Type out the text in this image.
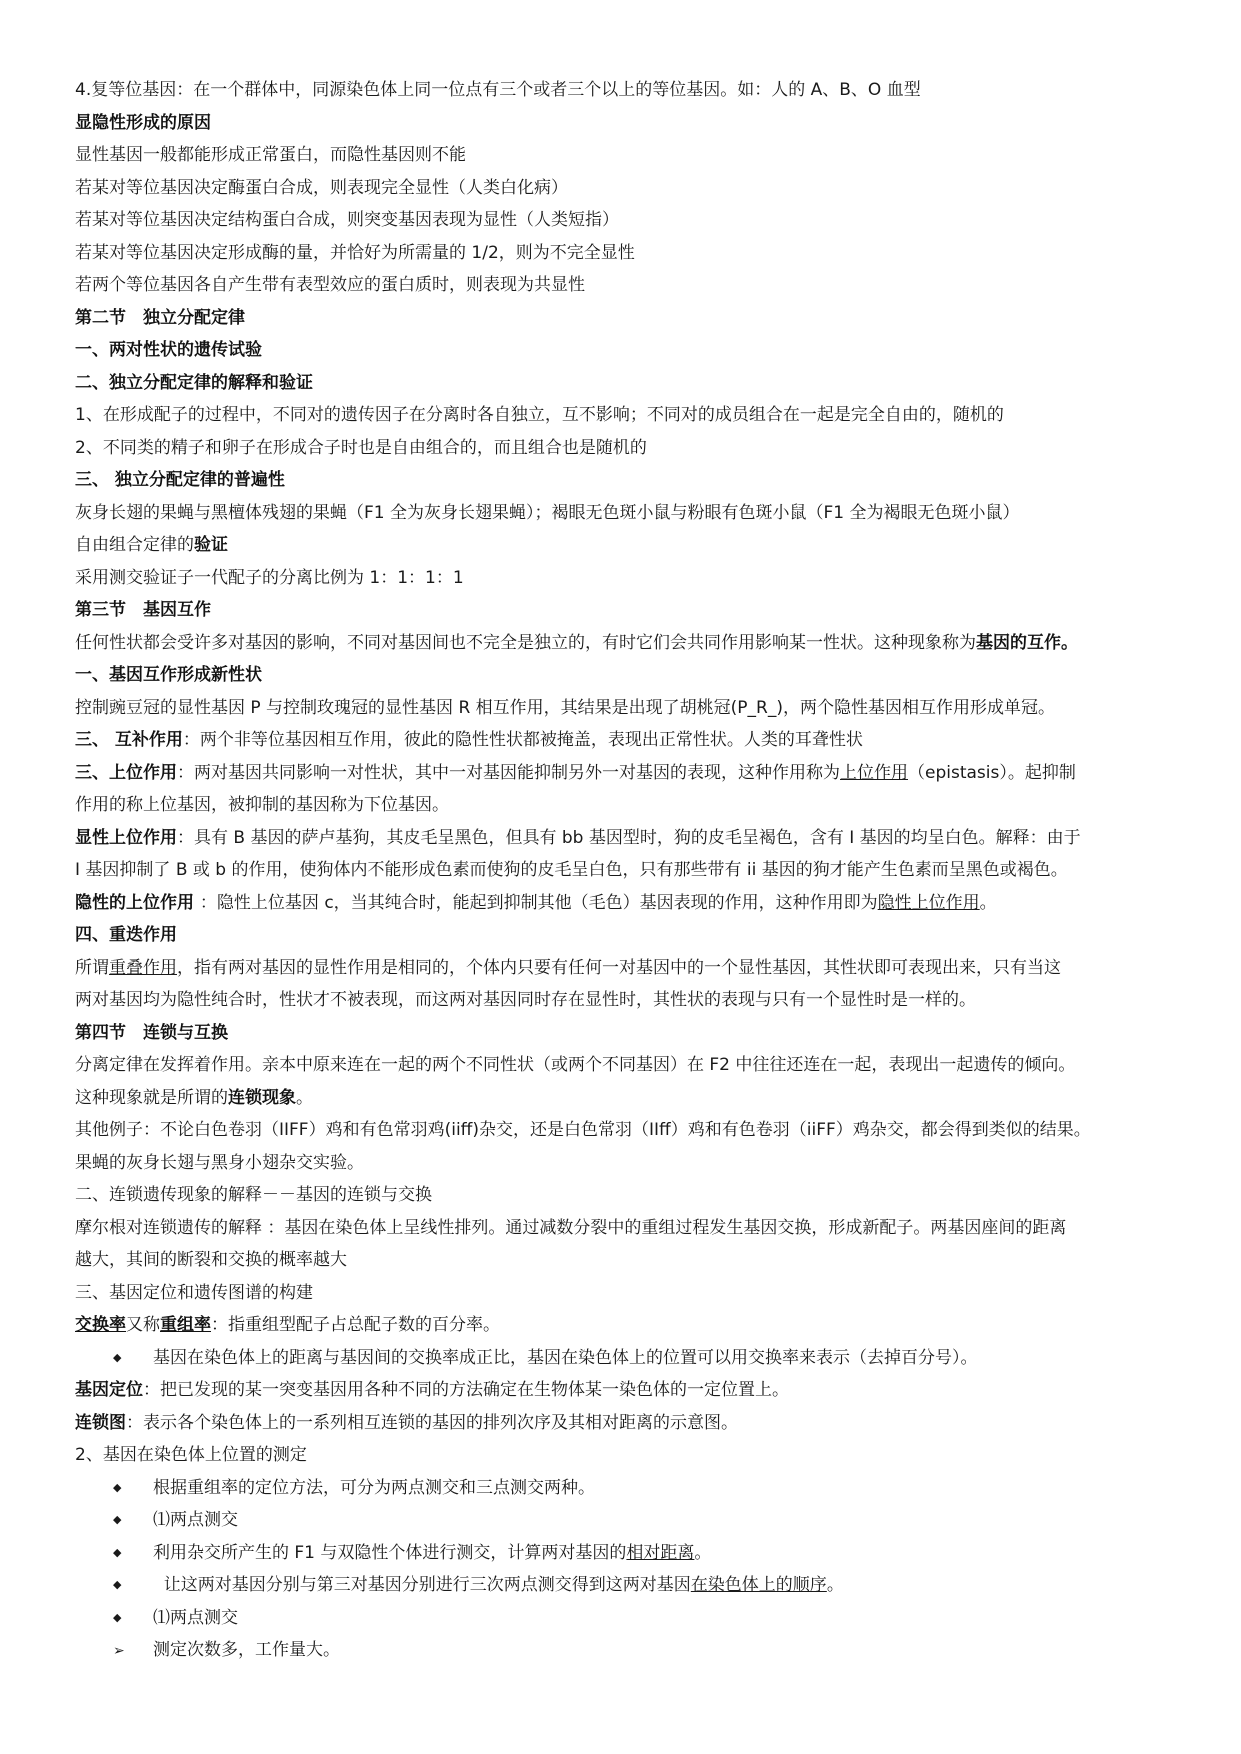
4.复等位基因：在一个群体中，同源染色体上同一位点有三个或者三个以上的等位基因。如：人的 A、B、O 血型
显隐性形成的原因
显性基因一般都能形成正常蛋白，而隐性基因则不能
若某对等位基因决定酶蛋白合成，则表现完全显性（人类白化病）
若某对等位基因决定结构蛋白合成，则突变基因表现为显性（人类短指）
若某对等位基因决定形成酶的量，并恰好为所需量的 1/2，则为不完全显性
若两个等位基因各自产生带有表型效应的蛋白质时，则表现为共显性
第二节　独立分配定律
一、两对性状的遗传试验
二、独立分配定律的解释和验证
1、在形成配子的过程中，不同对的遗传因子在分离时各自独立，互不影响；不同对的成员组合在一起是完全自由的，随机的
2、不同类的精子和卵子在形成合子时也是自由组合的，而且组合也是随机的
三、 独立分配定律的普遍性
灰身长翅的果蝇与黑檀体残翅的果蝇（F1 全为灰身长翅果蝇）；褐眼无色斑小鼠与粉眼有色斑小鼠（F1 全为褐眼无色斑小鼠）
自由组合定律的验证
采用测交验证子一代配子的分离比例为 1：1：1：1
第三节　基因互作
任何性状都会受许多对基因的影响，不同对基因间也不完全是独立的，有时它们会共同作用影响某一性状。这种现象称为基因的互作。
一、基因互作形成新性状
控制豌豆冠的显性基因 P 与控制玫瑰冠的显性基因 R 相互作用，其结果是出现了胡桃冠(P_R_)，两个隐性基因相互作用形成单冠。
三、 互补作用：两个非等位基因相互作用，彼此的隐性性状都被掩盖，表现出正常性状。人类的耳聋性状
三、上位作用：两对基因共同影响一对性状，其中一对基因能抑制另外一对基因的表现，这种作用称为上位作用（epistasis）。起抑制
作用的称上位基因，被抑制的基因称为下位基因。
显性上位作用：具有 B 基因的萨卢基狗，其皮毛呈黑色，但具有 bb 基因型时，狗的皮毛呈褐色，含有 I 基因的均呈白色。解释：由于
I 基因抑制了 B 或 b 的作用，使狗体内不能形成色素而使狗的皮毛呈白色，只有那些带有 ii 基因的狗才能产生色素而呈黑色或褐色。
隐性的上位作用 ：隐性上位基因 c，当其纯合时，能起到抑制其他（毛色）基因表现的作用，这种作用即为隐性上位作用。
四、重迭作用
所谓重叠作用，指有两对基因的显性作用是相同的，个体内只要有任何一对基因中的一个显性基因，其性状即可表现出来，只有当这
两对基因均为隐性纯合时，性状才不被表现，而这两对基因同时存在显性时，其性状的表现与只有一个显性时是一样的。
第四节　连锁与互换
分离定律在发挥着作用。亲本中原来连在一起的两个不同性状（或两个不同基因）在 F2 中往往还连在一起，表现出一起遗传的倾向。
这种现象就是所谓的连锁现象。
其他例子：不论白色卷羽（IIFF）鸡和有色常羽鸡(iiff)杂交，还是白色常羽（IIff）鸡和有色卷羽（iiFF）鸡杂交，都会得到类似的结果。
果蝇的灰身长翅与黑身小翅杂交实验。
二、连锁遗传现象的解释－－基因的连锁与交换
摩尔根对连锁遗传的解释 ：基因在染色体上呈线性排列。通过减数分裂中的重组过程发生基因交换，形成新配子。两基因座间的距离
越大，其间的断裂和交换的概率越大
三、基因定位和遗传图谱的构建
交换率又称重组率：指重组型配子占总配子数的百分率。
◆ 基因在染色体上的距离与基因间的交换率成正比，基因在染色体上的位置可以用交换率来表示（去掉百分号）。
基因定位：把已发现的某一突变基因用各种不同的方法确定在生物体某一染色体的一定位置上。
连锁图：表示各个染色体上的一系列相互连锁的基因的排列次序及其相对距离的示意图。
2、基因在染色体上位置的测定
◆ 根据重组率的定位方法，可分为两点测交和三点测交两种。
◆ ⑴两点测交
◆ 利用杂交所产生的 F1 与双隐性个体进行测交，计算两对基因的相对距离。
◆  让这两对基因分别与第三对基因分别进行三次两点测交得到这两对基因在染色体上的顺序。
◆ ⑴两点测交
➢ 测定次数多，工作量大。
